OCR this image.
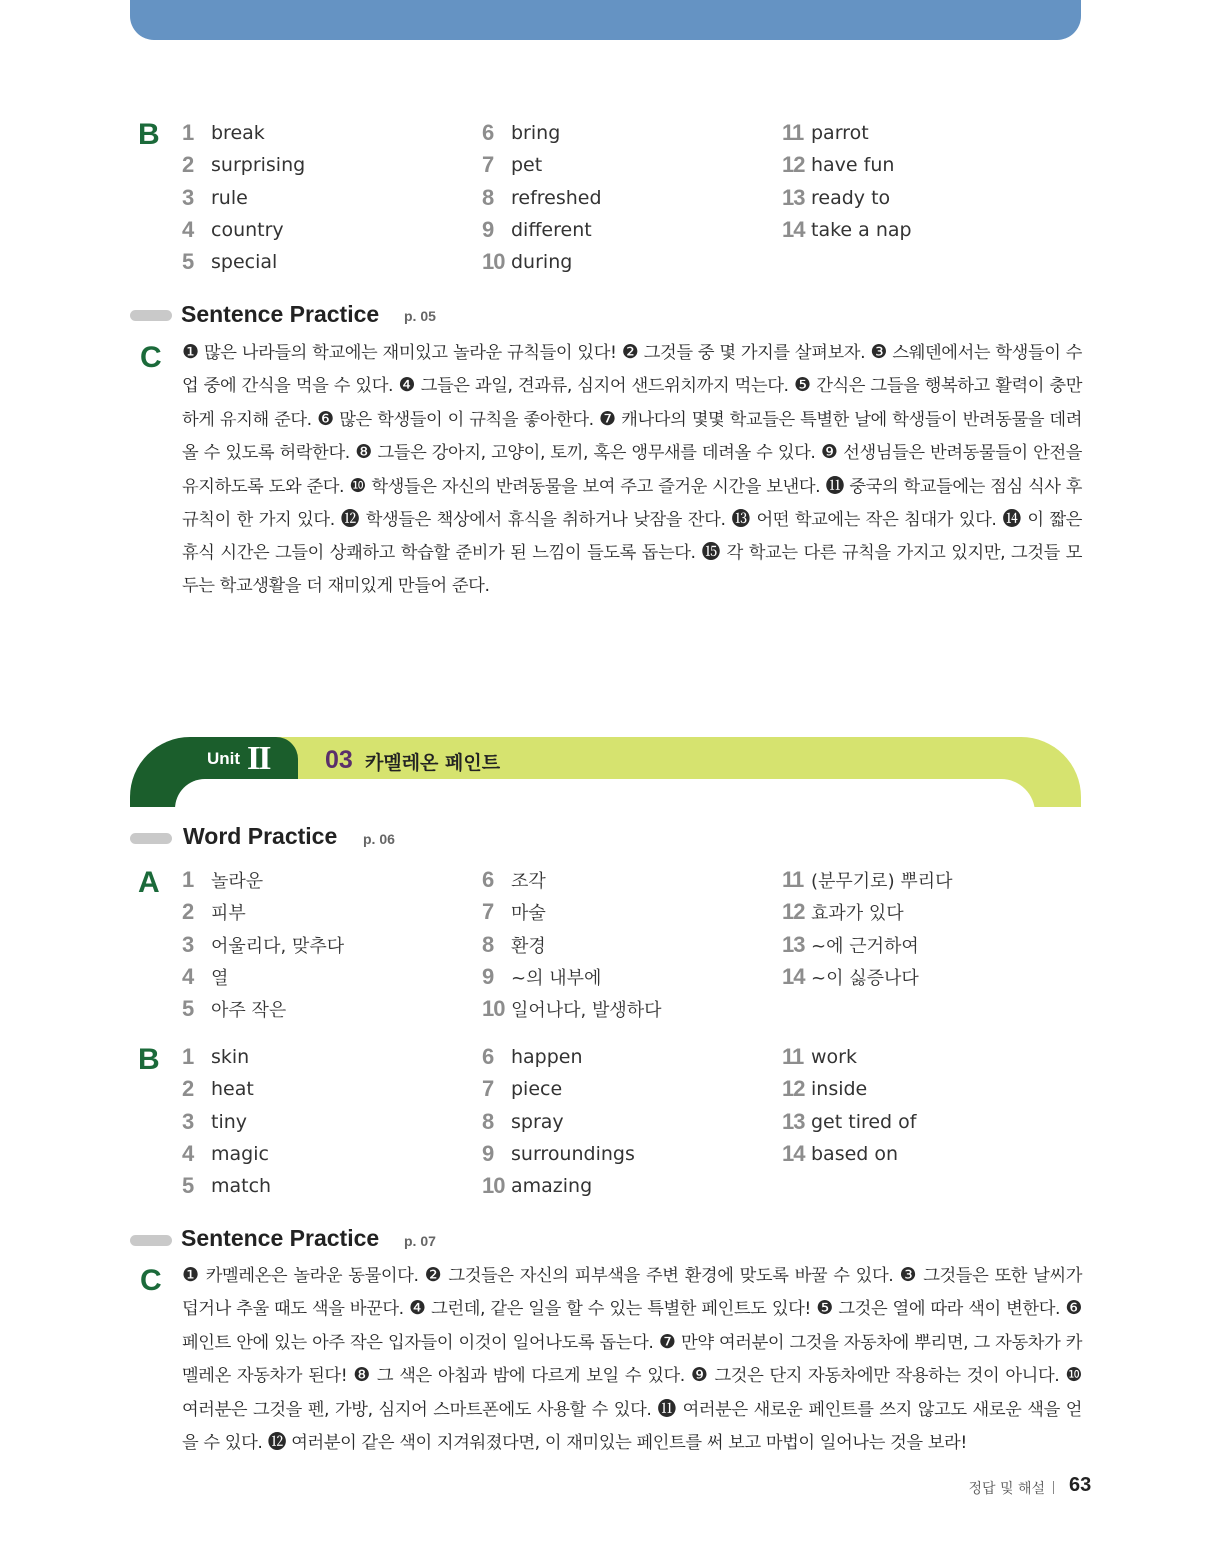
B 1 break
2 surprising
3 rule
4 country
5 special
6 bring
7 pet
8 refreshed
9 different
10 during
11 parrot
12 have fun
13 ready to
14 take a nap
Sentence Practice p. 05
C ❶ 많은 나라들의 학교에는 재미있고 놀라운 규칙들이 있다! ❷ 그것들 중 몇 가지를 살펴보자. ❸ 스웨덴에서는 학생들이 수업 중에 간식을 먹을 수 있다. ❹ 그들은 과일, 견과류, 심지어 샌드위치까지 먹는다. ❺ 간식은 그들을 행복하고 활력이 충만하게 유지해 준다. ❻ 많은 학생들이 이 규칙을 좋아한다. ❼ 캐나다의 몇몇 학교들은 특별한 날에 학생들이 반려동물을 데려올 수 있도록 허락한다. ❽ 그들은 강아지, 고양이, 토끼, 혹은 앵무새를 데려올 수 있다. ❾ 선생님들은 반려동물들이 안전을 유지하도록 도와 준다. ❿ 학생들은 자신의 반려동물을 보여 주고 즐거운 시간을 보낸다. ⓫ 중국의 학교들에는 점심 식사 후 규칙이 한 가지 있다. ⓬ 학생들은 책상에서 휴식을 취하거나 낮잠을 잔다. ⓭ 어떤 학교에는 작은 침대가 있다. ⓮ 이 짧은 휴식 시간은 그들이 상쾌하고 학습할 준비가 된 느낌이 들도록 돕는다. ⓯ 각 학교는 다른 규칙을 가지고 있지만, 그것들 모두는 학교생활을 더 재미있게 만들어 준다.
Unit II 03 카멜레온 페인트
Word Practice p. 06
A 1 놀라운
2 피부
3 어울리다, 맞추다
4 열
5 아주 작은
6 조각
7 마술
8 환경
9 ~의 내부에
10 일어나다, 발생하다
11 (분무기로) 뿌리다
12 효과가 있다
13 ~에 근거하여
14 ~이 싫증나다
B 1 skin
2 heat
3 tiny
4 magic
5 match
6 happen
7 piece
8 spray
9 surroundings
10 amazing
11 work
12 inside
13 get tired of
14 based on
Sentence Practice p. 07
C ❶ 카멜레온은 놀라운 동물이다. ❷ 그것들은 자신의 피부색을 주변 환경에 맞도록 바꿀 수 있다. ❸ 그것들은 또한 날씨가 덥거나 추울 때도 색을 바꾼다. ❹ 그런데, 같은 일을 할 수 있는 특별한 페인트도 있다! ❺ 그것은 열에 따라 색이 변한다. ❻ 페인트 안에 있는 아주 작은 입자들이 이것이 일어나도록 돕는다. ❼ 만약 여러분이 그것을 자동차에 뿌리면, 그 자동차가 카멜레온 자동차가 된다! ❽ 그 색은 아침과 밤에 다르게 보일 수 있다. ❾ 그것은 단지 자동차에만 작용하는 것이 아니다. ❿ 여러분은 그것을 펜, 가방, 심지어 스마트폰에도 사용할 수 있다. ⓫ 여러분은 새로운 페인트를 쓰지 않고도 새로운 색을 얻을 수 있다. ⓬ 여러분이 같은 색이 지겨워졌다면, 이 재미있는 페인트를 써 보고 마법이 일어나는 것을 보라!
정답 및 해설 63
